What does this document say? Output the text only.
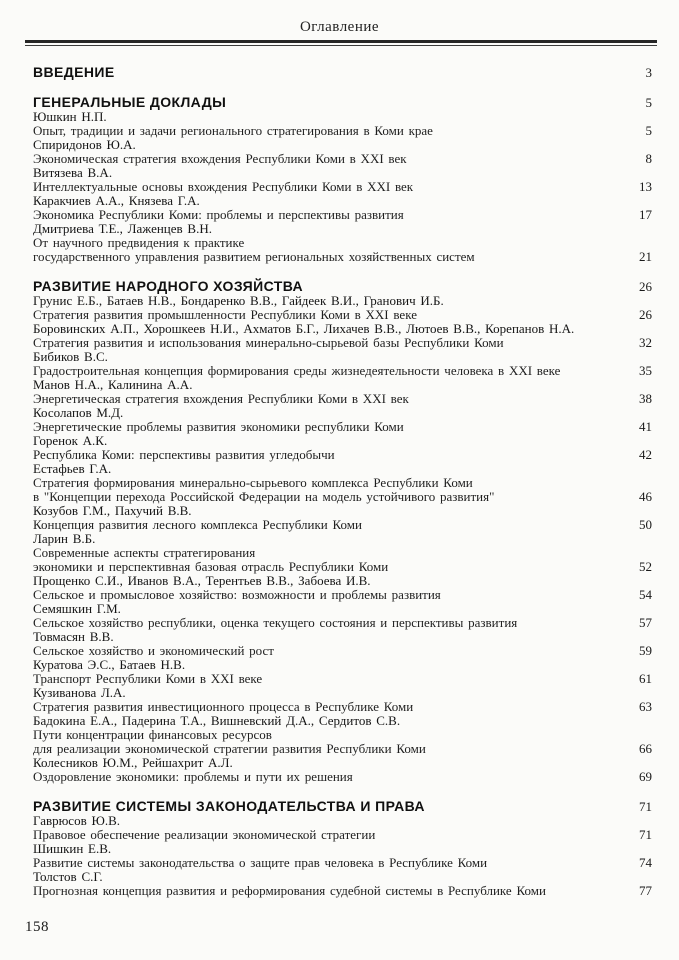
Оглавление
ВВЕДЕНИЕ	3
ГЕНЕРАЛЬНЫЕ ДОКЛАДЫ	5
Юшкин Н.П.
Опыт, традиции и задачи регионального стратегирования в Коми крае	5
Спиридонов Ю.А.
Экономическая стратегия вхождения Республики Коми в XXI век	8
Витязева В.А.
Интеллектуальные основы вхождения Республики Коми в XXI век	13
Каракчиев А.А., Князева Г.А.
Экономика Республики Коми: проблемы и перспективы развития	17
Дмитриева Т.Е., Лаженцев В.Н.
От научного предвидения к практике
государственного управления развитием региональных хозяйственных систем	21
РАЗВИТИЕ НАРОДНОГО ХОЗЯЙСТВА	26
Грунис Е.Б., Батаев Н.В., Бондаренко В.В., Гайдеек В.И., Гранович И.Б.
Стратегия развития промышленности Республики Коми в XXI веке	26
Боровинских А.П., Хорошкеев Н.И., Ахматов Б.Г., Лихачев В.В., Лютоев В.В., Корепанов Н.А.
Стратегия развития и использования минерально-сырьевой базы Республики Коми	32
Бибиков В.С.
Градостроительная концепция формирования среды жизнедеятельности человека в XXI веке	35
Манов Н.А., Калинина А.А.
Энергетическая стратегия вхождения Республики Коми в XXI век	38
Косолапов М.Д.
Энергетические проблемы развития экономики республики Коми	41
Горенок А.К.
Республика Коми: перспективы развития угледобычи	42
Естафьев Г.А.
Стратегия формирования минерально-сырьевого комплекса Республики Коми
в "Концепции перехода Российской Федерации на модель устойчивого развития"	46
Козубов Г.М., Пахучий В.В.
Концепция развития лесного комплекса Республики Коми	50
Ларин В.Б.
Современные аспекты стратегирования
экономики и перспективная базовая отрасль Республики Коми	52
Прощенко С.И., Иванов В.А., Терентьев В.В., Забоева И.В.
Сельское и промысловое хозяйство: возможности и проблемы развития	54
Семяшкин Г.М.
Сельское хозяйство республики, оценка текущего состояния и перспективы развития	57
Товмасян В.В.
Сельское хозяйство и экономический рост	59
Куратова Э.С., Батаев Н.В.
Транспорт Республики Коми в XXI веке	61
Кузиванова Л.А.
Стратегия развития инвестиционного процесса в Республике Коми	63
Бадокина Е.А., Падерина Т.А., Вишневский Д.А., Сердитов С.В.
Пути концентрации финансовых ресурсов
для реализации экономической стратегии развития Республики Коми	66
Колесников Ю.М., Рейшахрит А.Л.
Оздоровление экономики: проблемы и пути их решения	69
РАЗВИТИЕ СИСТЕМЫ ЗАКОНОДАТЕЛЬСТВА И ПРАВА	71
Гаврюсов Ю.В.
Правовое обеспечение реализации экономической стратегии	71
Шишкин Е.В.
Развитие системы законодательства о защите прав человека в Республике Коми	74
Толстов С.Г.
Прогнозная концепция развития и реформирования судебной системы в Республике Коми	77
158
